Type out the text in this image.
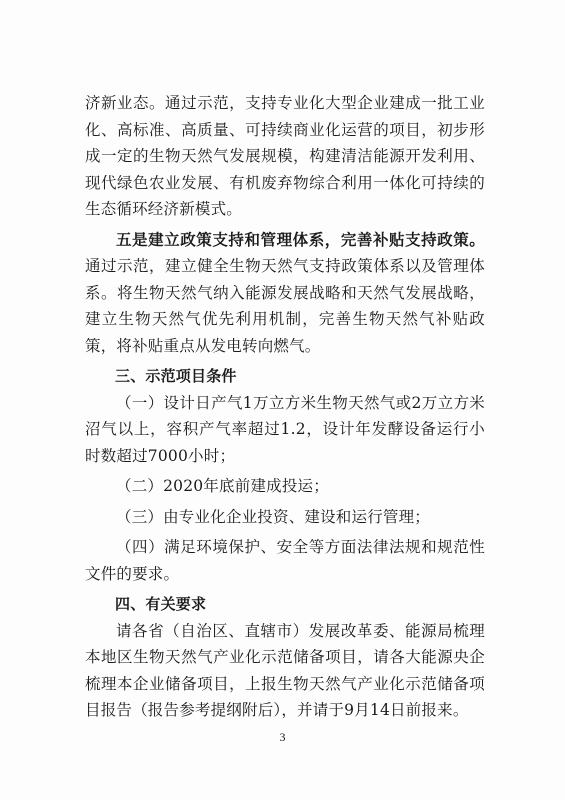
济新业态。通过示范，支持专业化大型企业建成一批工业化、高标准、高质量、可持续商业化运营的项目，初步形成一定的生物天然气发展规模，构建清洁能源开发利用、现代绿色农业发展、有机废弃物综合利用一体化可持续的生态循环经济新模式。

五是建立政策支持和管理体系，完善补贴支持政策。通过示范，建立健全生物天然气支持政策体系以及管理体系。将生物天然气纳入能源发展战略和天然气发展战略，建立生物天然气优先利用机制，完善生物天然气补贴政策，将补贴重点从发电转向燃气。

三、示范项目条件

（一）设计日产气1万立方米生物天然气或2万立方米沼气以上，容积产气率超过1.2，设计年发酵设备运行小时数超过7000小时；

（二）2020年底前建成投运；

（三）由专业化企业投资、建设和运行管理；

（四）满足环境保护、安全等方面法律法规和规范性文件的要求。

四、有关要求

请各省（自治区、直辖市）发展改革委、能源局梳理本地区生物天然气产业化示范储备项目，请各大能源央企梳理本企业储备项目，上报生物天然气产业化示范储备项目报告（报告参考提纲附后），并请于9月14日前报来。

3
